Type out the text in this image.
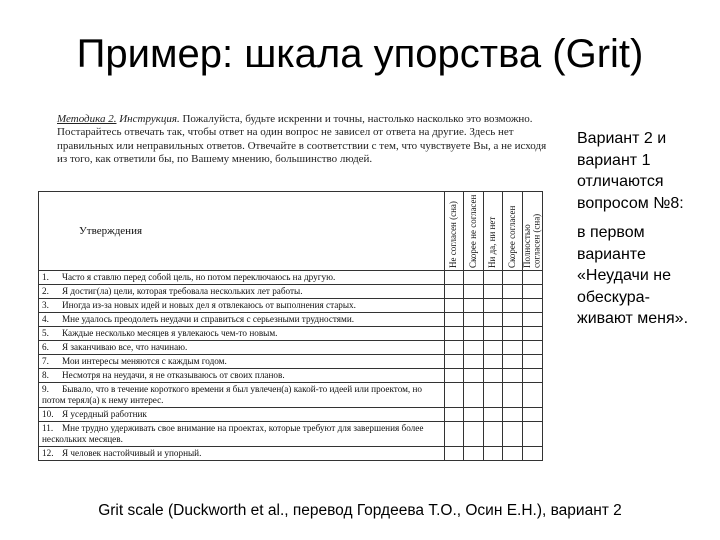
Пример: шкала упорства (Grit)
Методика 2. Инструкция. Пожалуйста, будьте искренни и точны, настолько насколько это возможно. Постарайтесь отвечать так, чтобы ответ на один вопрос не зависел от ответа на другие. Здесь нет правильных или неправильных ответов. Отвечайте в соответствии с тем, что чувствуете Вы, а не исходя из того, как ответили бы, по Вашему мнению, большинство людей.
Утверждения	Не согласен (сна)	Скорее не согласен	Ни да, ни нет	Скорее согласен	Полностью согласен (сна)
1. Часто я ставлю перед собой цель, но потом переключаюсь на другую.					
2. Я достиг(ла) цели, которая требовала нескольких лет работы.					
3. Иногда из-за новых идей и новых дел я отвлекаюсь от выполнения старых.					
4. Мне удалось преодолеть неудачи и справиться с серьезными трудностями.					
5. Каждые несколько месяцев я увлекаюсь чем-то новым.					
6. Я заканчиваю все, что начинаю.					
7. Мои интересы меняются с каждым годом.					
8. Несмотря на неудачи, я не отказываюсь от своих планов.					
9. Бывало, что в течение короткого времени я был увлечен(а) какой-то идеей или проектом, но потом терял(а) к нему интерес.					
10. Я усердный работник					
11. Мне трудно удерживать свое внимание на проектах, которые требуют для завершения более нескольких месяцев.					
12. Я человек настойчивый и упорный.					

Вариант 2 и вариант 1 отличаются вопросом №8:

в первом варианте «Неудачи не обескура-живают меня».

Grit scale (Duckworth et al., перевод Гордеева Т.О., Осин Е.Н.), вариант 2
